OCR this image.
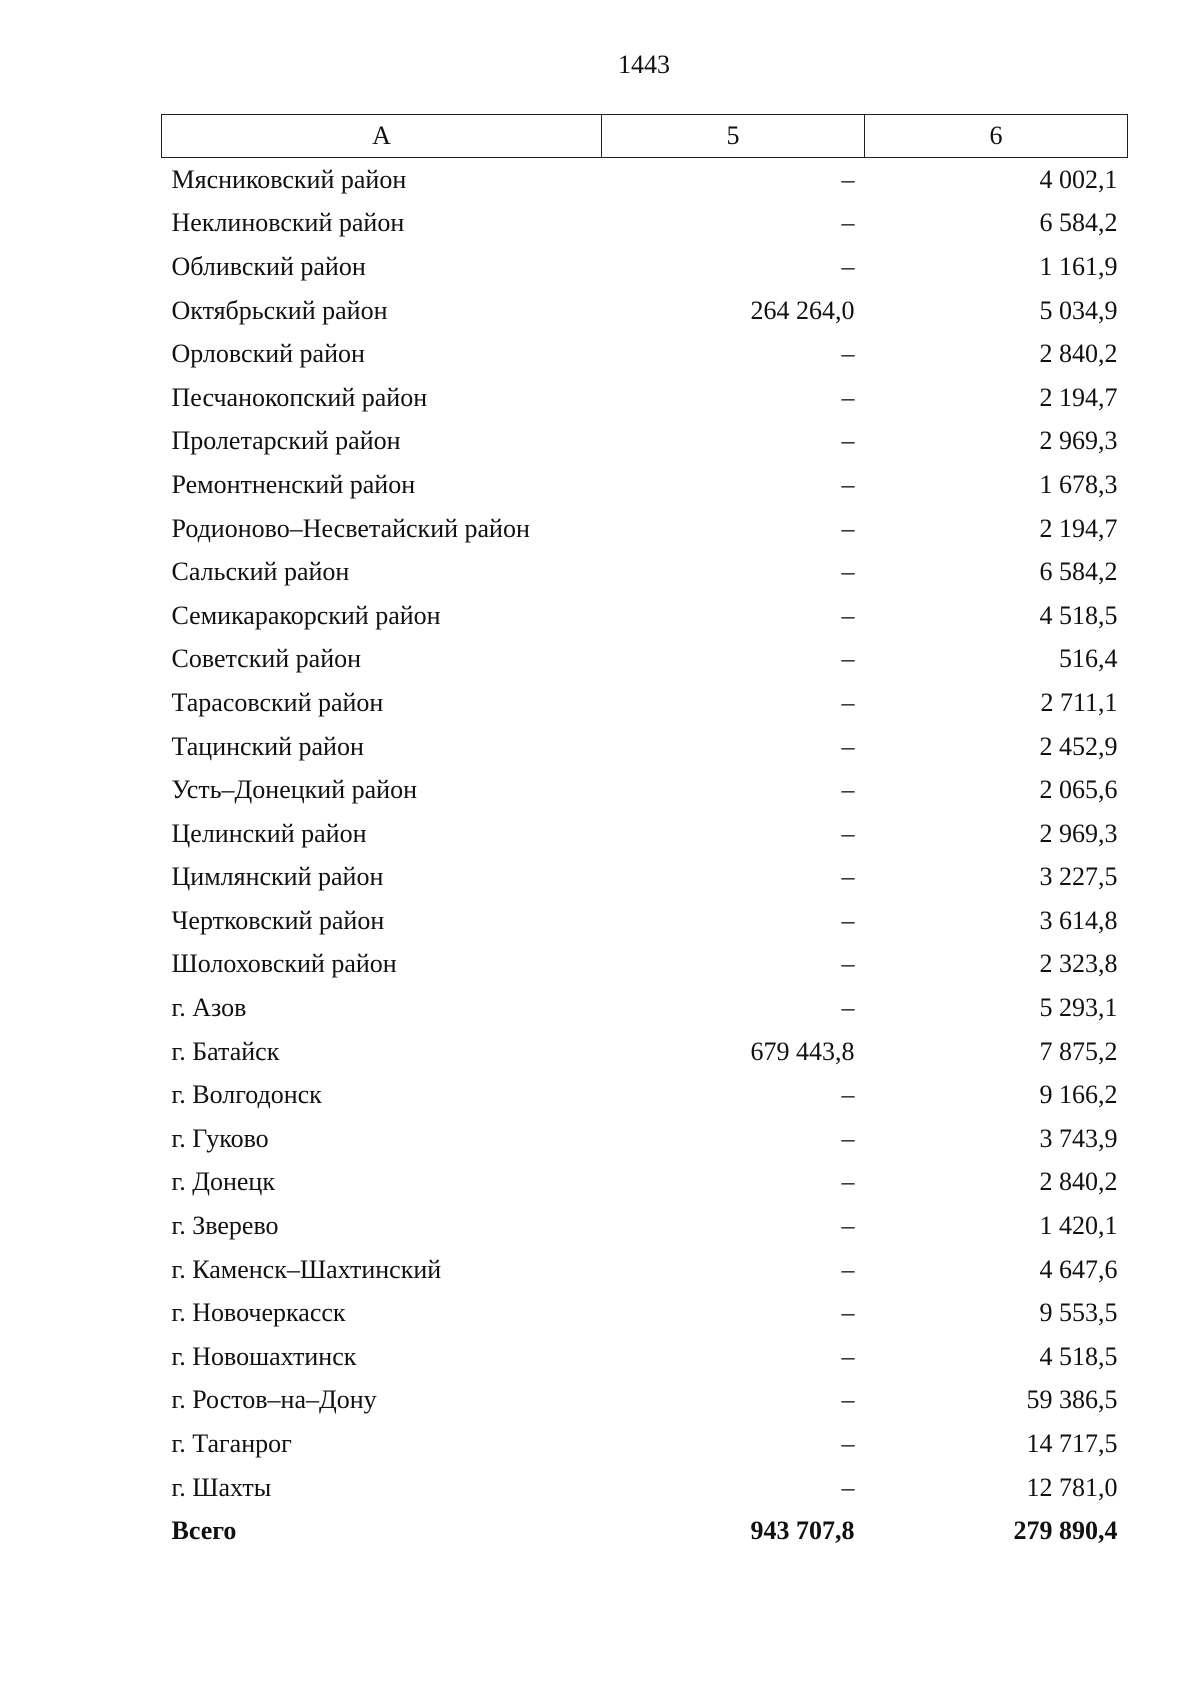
1443
А	5	6
Мясниковский район	–	4 002,1
Неклиновский район	–	6 584,2
Обливский район	–	1 161,9
Октябрьский район	264 264,0	5 034,9
Орловский район	–	2 840,2
Песчанокопский район	–	2 194,7
Пролетарский район	–	2 969,3
Ремонтненский район	–	1 678,3
Родионово–Несветайский район	–	2 194,7
Сальский район	–	6 584,2
Семикаракорский район	–	4 518,5
Советский район	–	516,4
Тарасовский район	–	2 711,1
Тацинский район	–	2 452,9
Усть–Донецкий район	–	2 065,6
Целинский район	–	2 969,3
Цимлянский район	–	3 227,5
Чертковский район	–	3 614,8
Шолоховский район	–	2 323,8
г. Азов	–	5 293,1
г. Батайск	679 443,8	7 875,2
г. Волгодонск	–	9 166,2
г. Гуково	–	3 743,9
г. Донецк	–	2 840,2
г. Зверево	–	1 420,1
г. Каменск–Шахтинский	–	4 647,6
г. Новочеркасск	–	9 553,5
г. Новошахтинск	–	4 518,5
г. Ростов–на–Дону	–	59 386,5
г. Таганрог	–	14 717,5
г. Шахты	–	12 781,0
Всего	943 707,8	279 890,4
